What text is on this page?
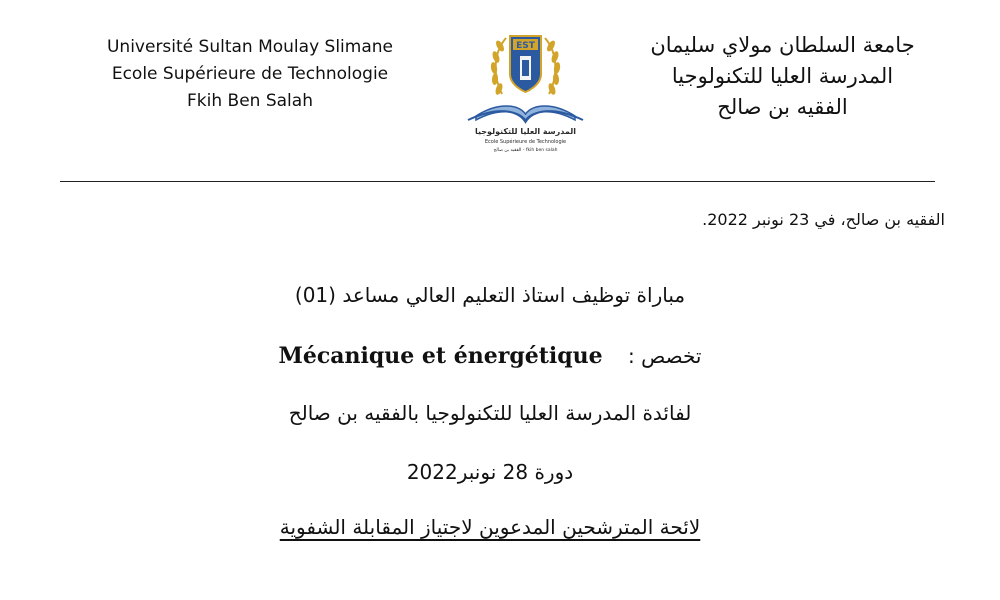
Université Sultan Moulay Slimane
Ecole Supérieure de Technologie
Fkih Ben Salah
EST
المدرسة العليا للتكنولوجيا
Ecole Supérieure de Technologie
الفقيه بن صالح - fkih ben salah
جامعة السلطان مولاي سليمان
المدرسة العليا للتكنولوجيا
الفقيه بن صالح
الفقيه بن صالح، في 23 نونبر 2022.
مباراة توظيف استاذ التعليم العالي مساعد (01)
تخصص :    Mécanique et énergétique
لفائدة المدرسة العليا للتكنولوجيا بالفقيه بن صالح
دورة 28 نونبر2022
لائحة المترشحين المدعوين لاجتياز المقابلة الشفوية
